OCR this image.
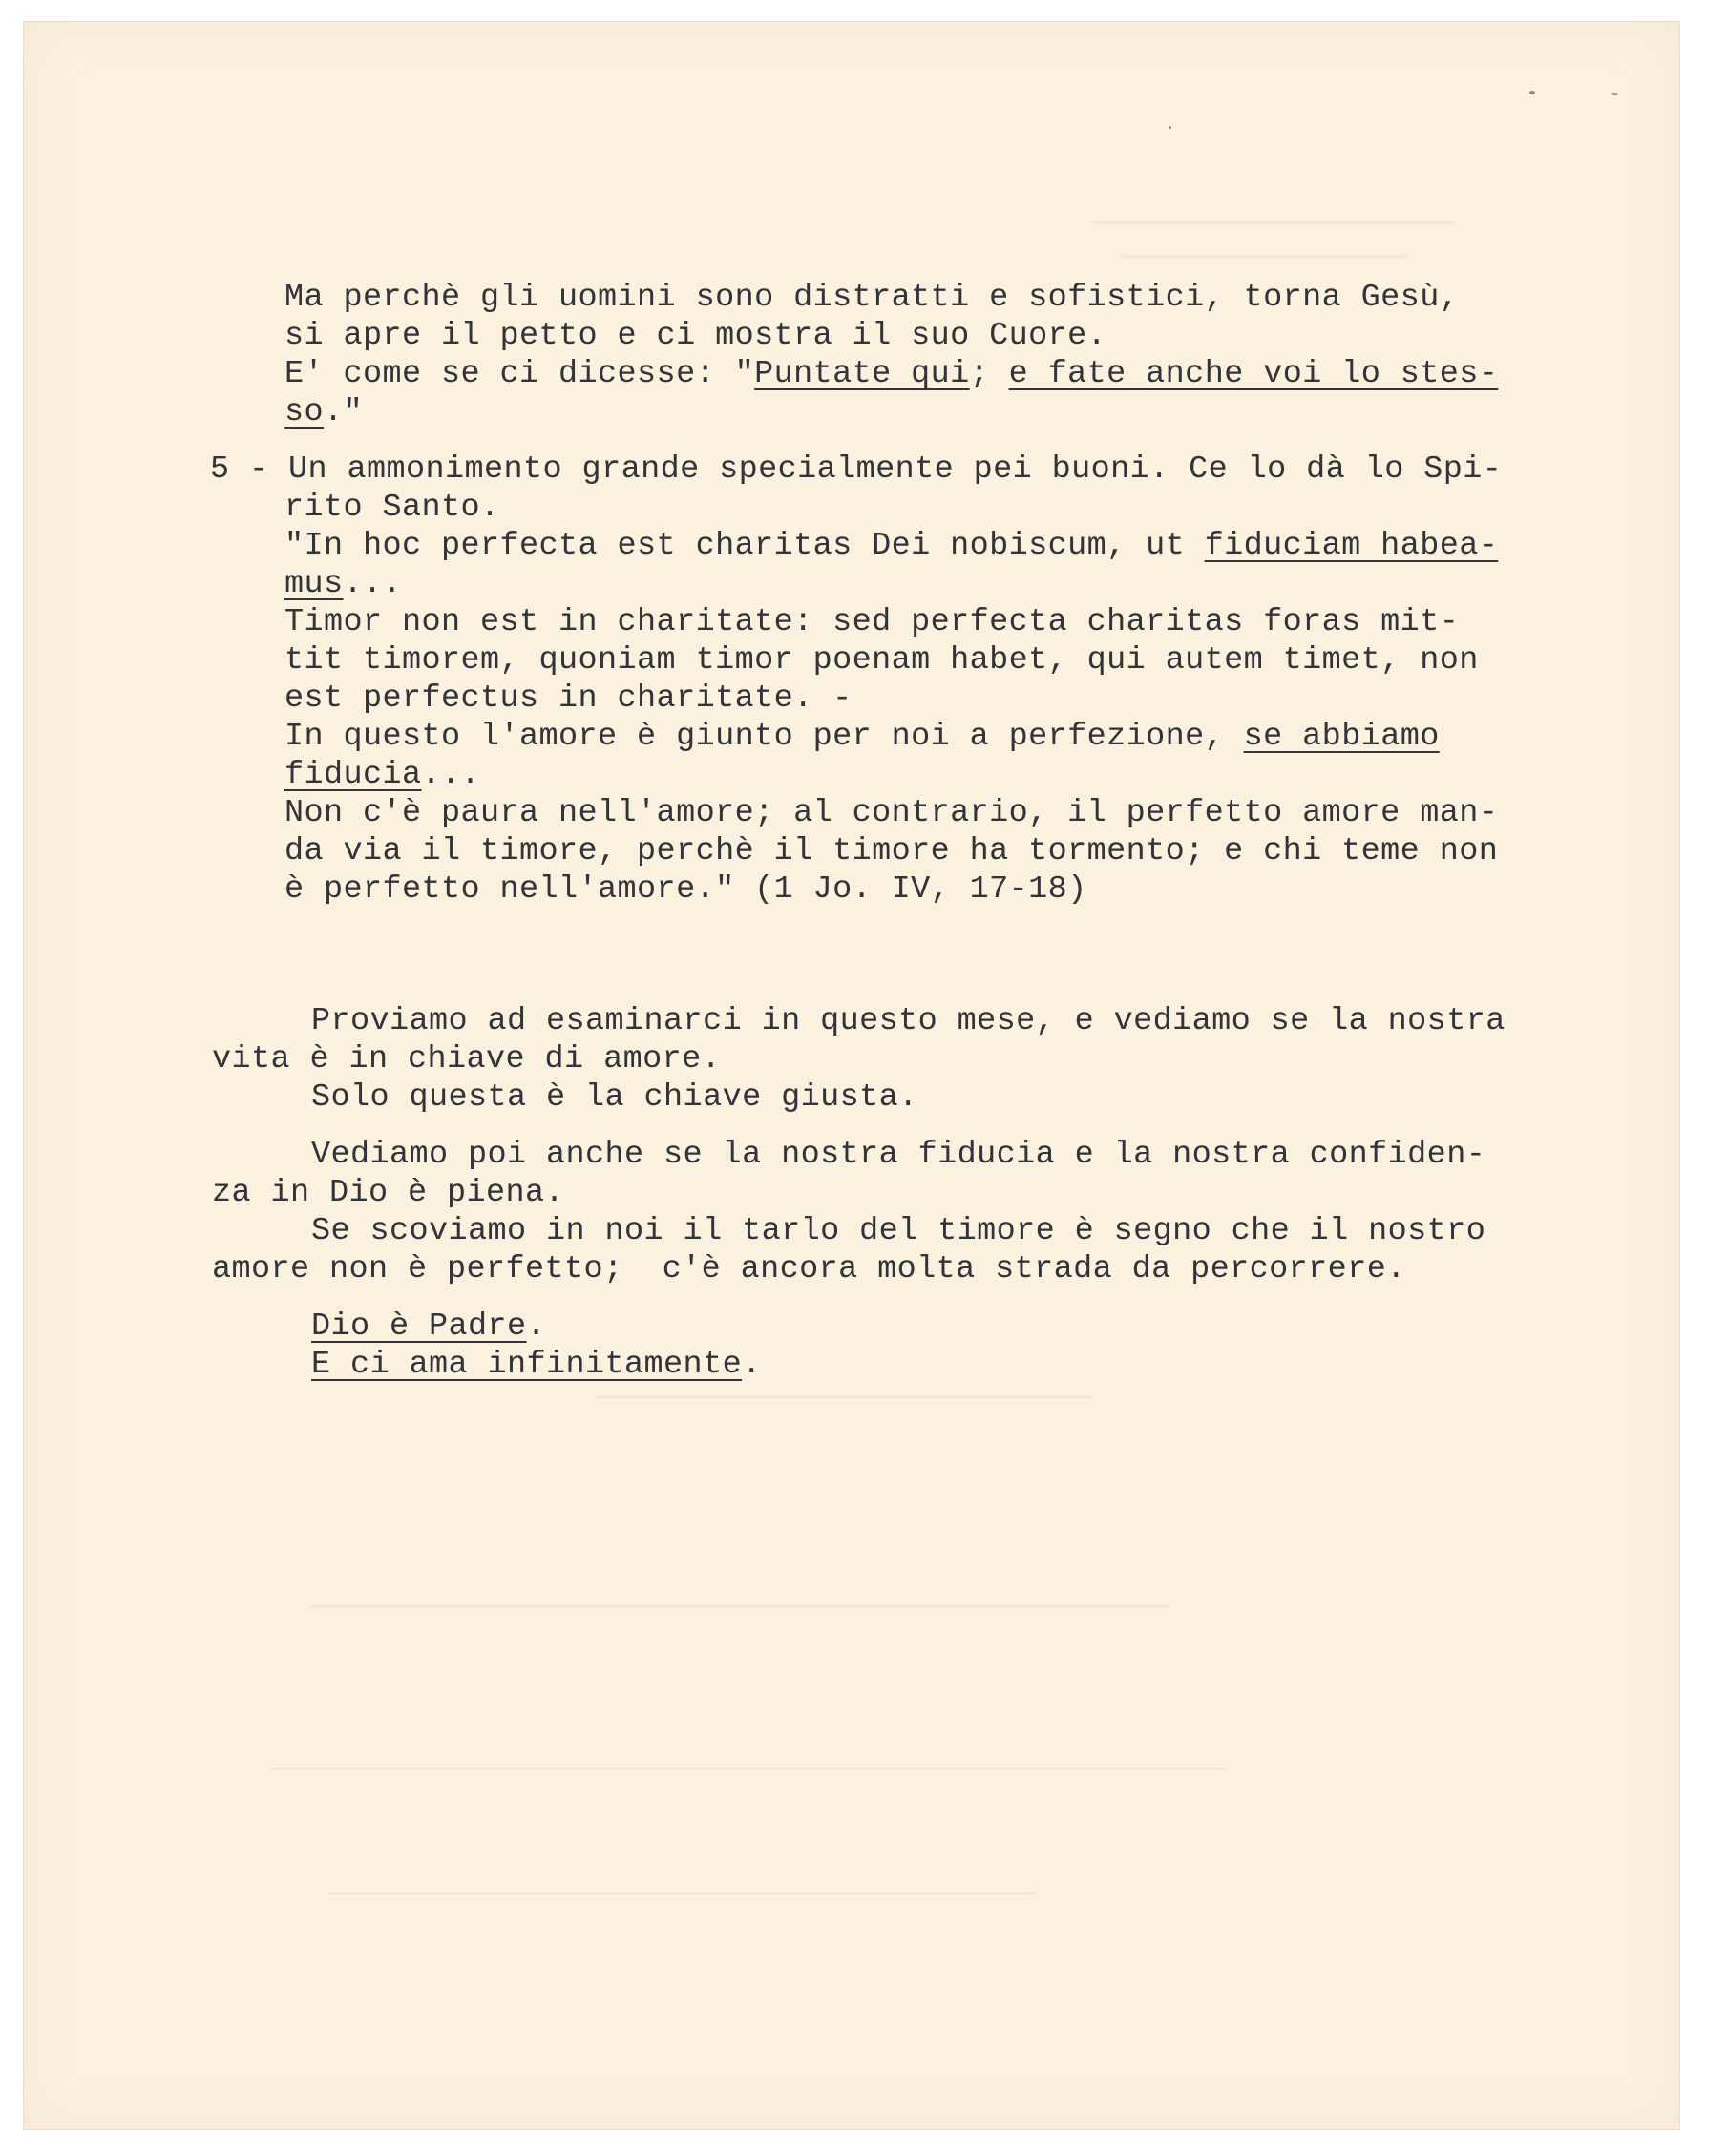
Ma perchè gli uomini sono distratti e sofistici, torna Gesù,
si apre il petto e ci mostra il suo Cuore.
E' come se ci dicesse: "Puntate qui; e fate anche voi lo stes-
so."
5 - Un ammonimento grande specialmente pei buoni. Ce lo dà lo Spi-
rito Santo.
"In hoc perfecta est charitas Dei nobiscum, ut fiduciam habea-
mus...
Timor non est in charitate: sed perfecta charitas foras mit-
tit timorem, quoniam timor poenam habet, qui autem timet, non
est perfectus in charitate. -
In questo l'amore è giunto per noi a perfezione, se abbiamo
fiducia...
Non c'è paura nell'amore; al contrario, il perfetto amore man-
da via il timore, perchè il timore ha tormento; e chi teme non
è perfetto nell'amore." (1 Jo. IV, 17-18)
Proviamo ad esaminarci in questo mese, e vediamo se la nostra
vita è in chiave di amore.
Solo questa è la chiave giusta.
Vediamo poi anche se la nostra fiducia e la nostra confiden-
za in Dio è piena.
Se scoviamo in noi il tarlo del timore è segno che il nostro
amore non è perfetto;  c'è ancora molta strada da percorrere.
Dio è Padre.
E ci ama infinitamente.
